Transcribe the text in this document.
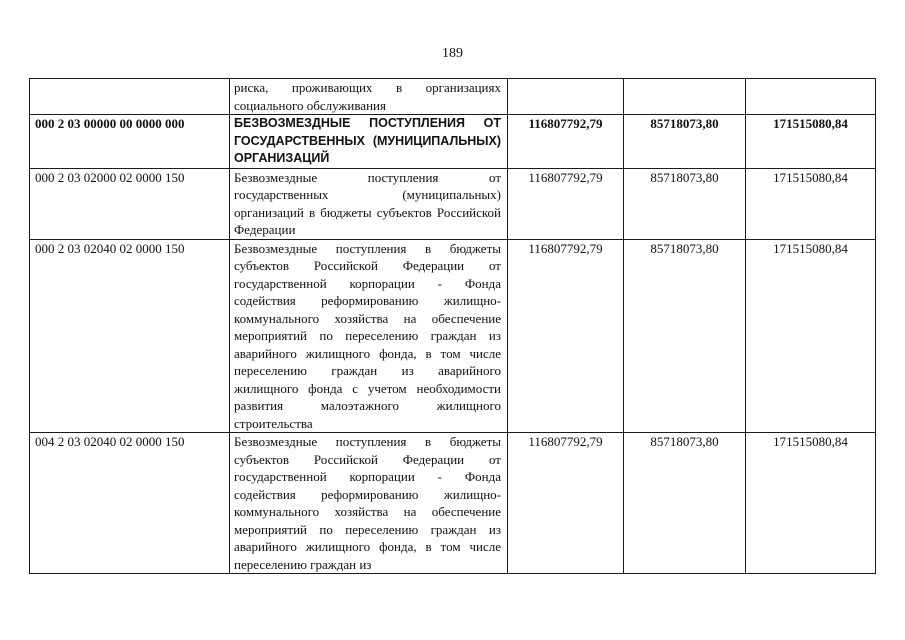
189
	риска, проживающих в организациях социального обслуживания			
000 2 03 00000 00 0000 000	БЕЗВОЗМЕЗДНЫЕ ПОСТУПЛЕНИЯ ОТ ГОСУДАРСТВЕННЫХ (МУНИЦИПАЛЬНЫХ) ОРГАНИЗАЦИЙ	116807792,79	85718073,80	171515080,84
000 2 03 02000 02 0000 150	Безвозмездные поступления от государственных (муниципальных) организаций в бюджеты субъектов Российской Федерации	116807792,79	85718073,80	171515080,84
000 2 03 02040 02 0000 150	Безвозмездные поступления в бюджеты субъектов Российской Федерации от государственной корпорации - Фонда содействия реформированию жилищно-коммунального хозяйства на обеспечение мероприятий по переселению граждан из аварийного жилищного фонда, в том числе переселению граждан из аварийного жилищного фонда с учетом необходимости развития малоэтажного жилищного строительства	116807792,79	85718073,80	171515080,84
004 2 03 02040 02 0000 150	Безвозмездные поступления в бюджеты субъектов Российской Федерации от государственной корпорации - Фонда содействия реформированию жилищно-коммунального хозяйства на обеспечение мероприятий по переселению граждан из аварийного жилищного фонда, в том числе переселению граждан из	116807792,79	85718073,80	171515080,84
